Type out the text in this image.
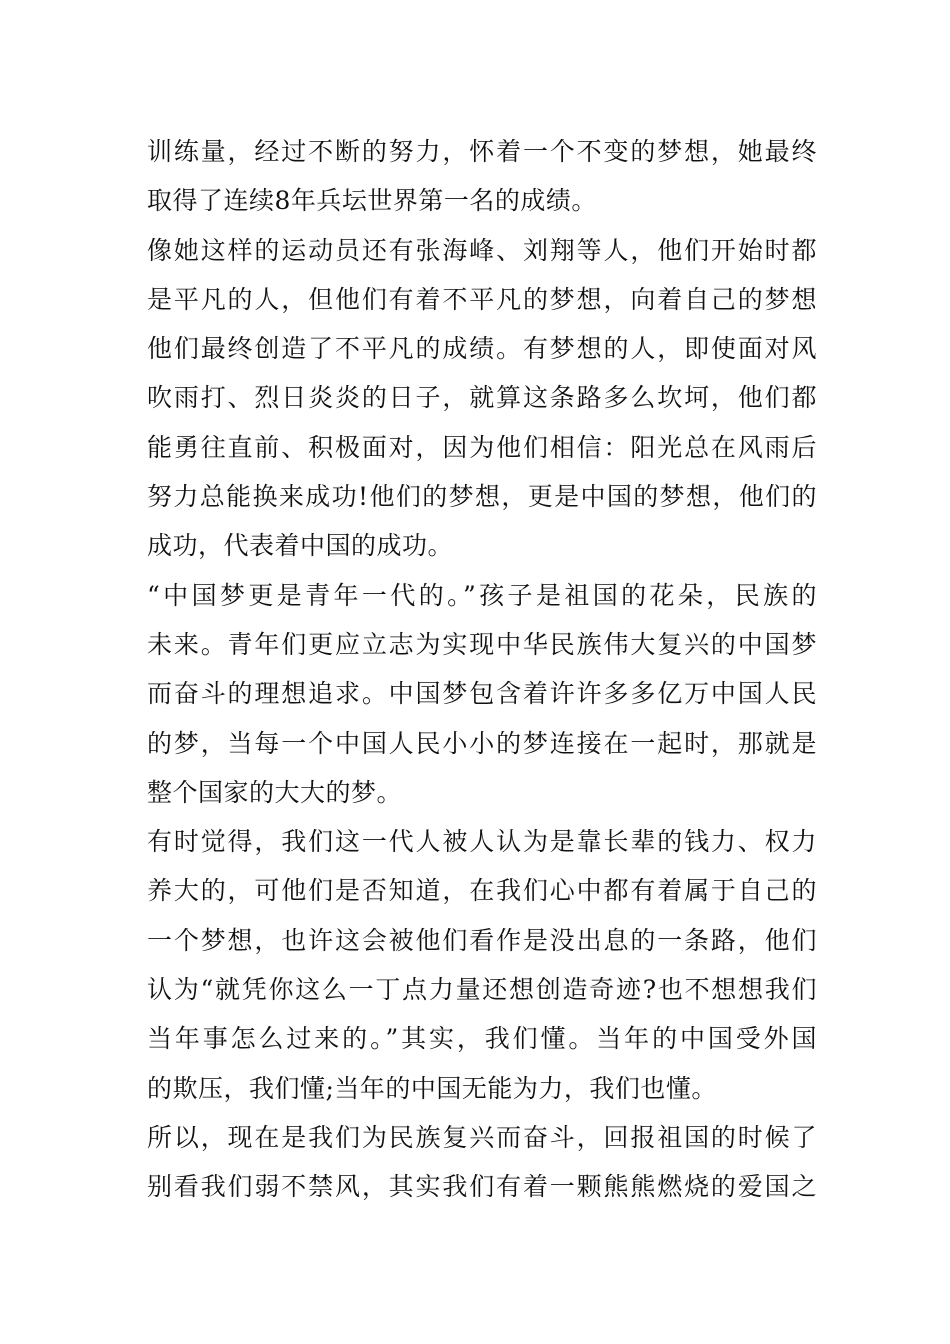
训练量，经过不断的努力，怀着一个不变的梦想，她最终
取得了连续8年兵坛世界第一名的成绩。
像她这样的运动员还有张海峰、刘翔等人，他们开始时都
是平凡的人，但他们有着不平凡的梦想，向着自己的梦想
他们最终创造了不平凡的成绩。有梦想的人，即使面对风
吹雨打、烈日炎炎的日子，就算这条路多么坎坷，他们都
能勇往直前、积极面对，因为他们相信：阳光总在风雨后
努力总能换来成功!他们的梦想，更是中国的梦想，他们的
成功，代表着中国的成功。
“中国梦更是青年一代的。”孩子是祖国的花朵，民族的
未来。青年们更应立志为实现中华民族伟大复兴的中国梦
而奋斗的理想追求。中国梦包含着许许多多亿万中国人民
的梦，当每一个中国人民小小的梦连接在一起时，那就是
整个国家的大大的梦。
有时觉得，我们这一代人被人认为是靠长辈的钱力、权力
养大的，可他们是否知道，在我们心中都有着属于自己的
一个梦想，也许这会被他们看作是没出息的一条路，他们
认为“就凭你这么一丁点力量还想创造奇迹?也不想想我们
当年事怎么过来的。”其实，我们懂。当年的中国受外国
的欺压，我们懂;当年的中国无能为力，我们也懂。
所以，现在是我们为民族复兴而奋斗，回报祖国的时候了
别看我们弱不禁风，其实我们有着一颗熊熊燃烧的爱国之
